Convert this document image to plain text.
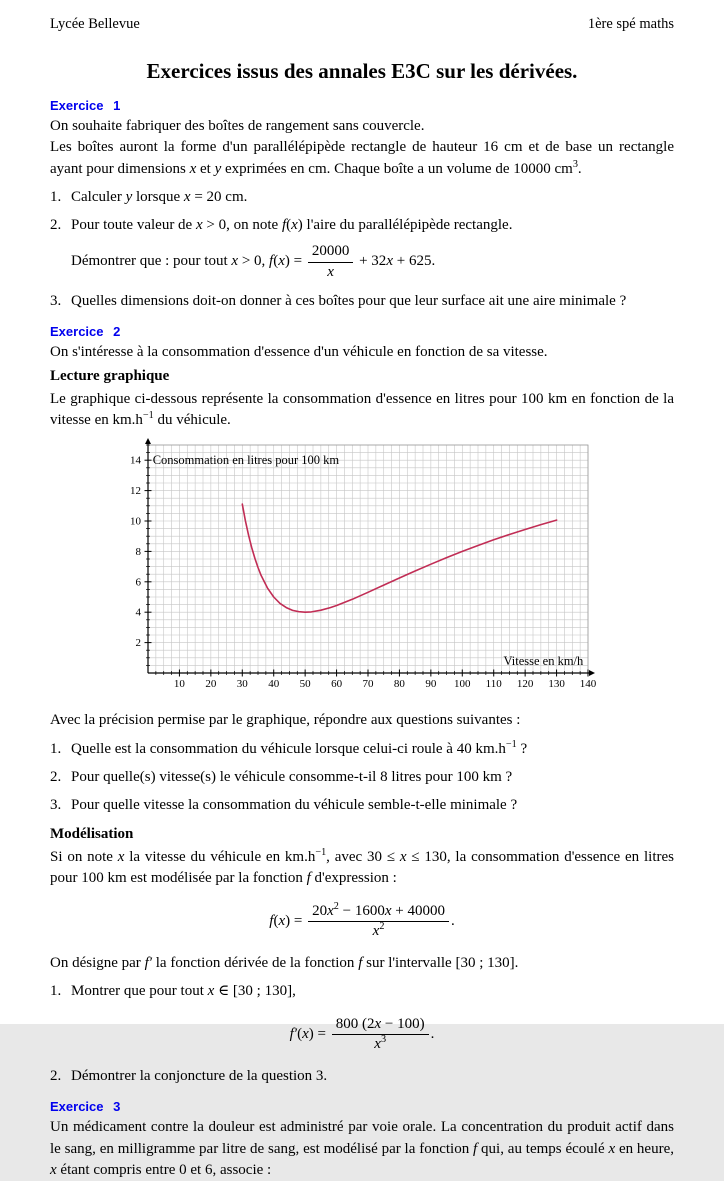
Lycée Bellevue	1ère spé maths
Exercices issus des annales E3C sur les dérivées.
Exercice 1

On souhaite fabriquer des boîtes de rangement sans couvercle.

Les boîtes auront la forme d'un parallélépipède rectangle de hauteur 16 cm et de base un rectangle ayant pour dimensions x et y exprimées en cm. Chaque boîte a un volume de 10000 $cm^3$.

1. Calculer y lorsque x = 20 cm.
2. Pour toute valeur de x > 0, on note f(x) l'aire du parallélépipède rectangle.
Démontrer que : pour tout x > 0, $f(x) = \frac{20000}{x} + 32x + 625$.
3. Quelles dimensions doit-on donner à ces boîtes pour que leur surface ait une aire minimale ?
Exercice 2

On s'intéresse à la consommation d'essence d'un véhicule en fonction de sa vitesse.

Lecture graphique

Le graphique ci-dessous représente la consommation d'essence en litres pour 100 km en fonction de la vitesse en $km.h^{-1}$ du véhicule.

10 20 30 40 50 60 70 80 90 100 110 120 130 140
2
4
6
8
10
12
14 Consommation en litres pour 100 km
Vitesse en km/h

Avec la précision permise par le graphique, répondre aux questions suivantes :

1. Quelle est la consommation du véhicule lorsque celui-ci roule à 40 $km.h^{-1}$ ?
2. Pour quelle(s) vitesse(s) le véhicule consomme-t-il 8 litres pour 100 km ?
3. Pour quelle vitesse la consommation du véhicule semble-t-elle minimale ?
Modélisation

Si on note x la vitesse du véhicule en $km.h^{-1}$, avec 30 ≤ x ≤ 130, la consommation d'essence en litres pour 100 km est modélisée par la fonction f d'expression :

$f(x) = \frac{20x^2 - 1600x + 40000}{x^2}$ .

On désigne par f′ la fonction dérivée de la fonction f sur l'intervalle [30 ; 130].

1. Montrer que pour tout x ∈ [30 ; 130],
$f'(x) = \frac{800 (2x - 100)}{x^3}$ .
2. Démontrer la conjoncture de la question 3.
Exercice 3

Un médicament contre la douleur est administré par voie orale. La concentration du produit actif dans le sang, en milligramme par litre de sang, est modélisé par la fonction f qui, au temps écoulé x en heure, x étant compris entre 0 et 6, associe :
